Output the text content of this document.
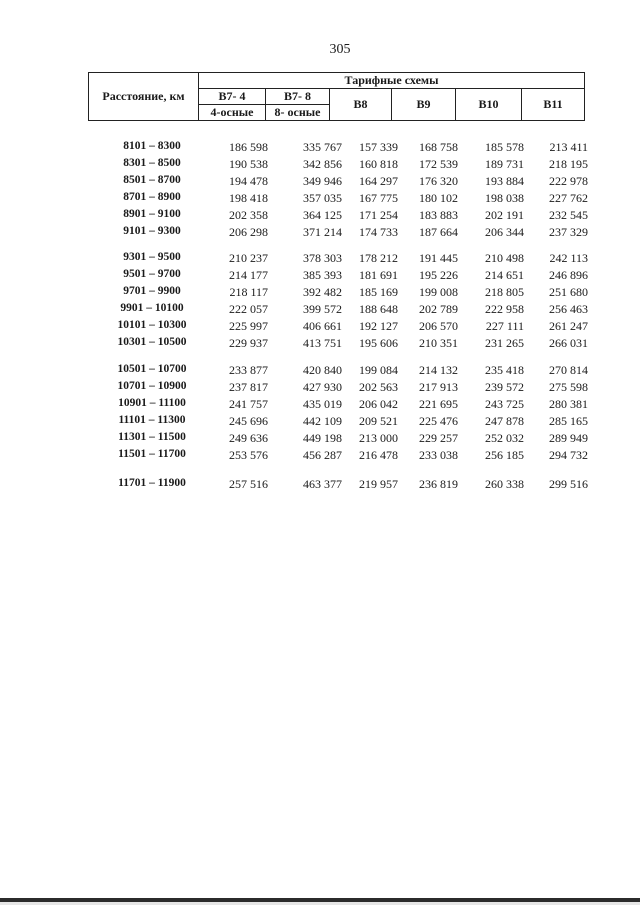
305
Расстояние, км	Тарифные схемы					
	В7- 4	В7- 8	В8	В9	В10	В11
	4-осные	8- осные				
8101 – 8300	186 598	335 767	157 339	168 758	185 578	213 411
8301 – 8500	190 538	342 856	160 818	172 539	189 731	218 195
8501 – 8700	194 478	349 946	164 297	176 320	193 884	222 978
8701 – 8900	198 418	357 035	167 775	180 102	198 038	227 762
8901 – 9100	202 358	364 125	171 254	183 883	202 191	232 545
9101 – 9300	206 298	371 214	174 733	187 664	206 344	237 329
9301 – 9500	210 237	378 303	178 212	191 445	210 498	242 113
9501 – 9700	214 177	385 393	181 691	195 226	214 651	246 896
9701 – 9900	218 117	392 482	185 169	199 008	218 805	251 680
9901 – 10100	222 057	399 572	188 648	202 789	222 958	256 463
10101 – 10300	225 997	406 661	192 127	206 570	227 111	261 247
10301 – 10500	229 937	413 751	195 606	210 351	231 265	266 031
10501 – 10700	233 877	420 840	199 084	214 132	235 418	270 814
10701 – 10900	237 817	427 930	202 563	217 913	239 572	275 598
10901 – 11100	241 757	435 019	206 042	221 695	243 725	280 381
11101 – 11300	245 696	442 109	209 521	225 476	247 878	285 165
11301 – 11500	249 636	449 198	213 000	229 257	252 032	289 949
11501 – 11700	253 576	456 287	216 478	233 038	256 185	294 732
11701 – 11900	257 516	463 377	219 957	236 819	260 338	299 516
